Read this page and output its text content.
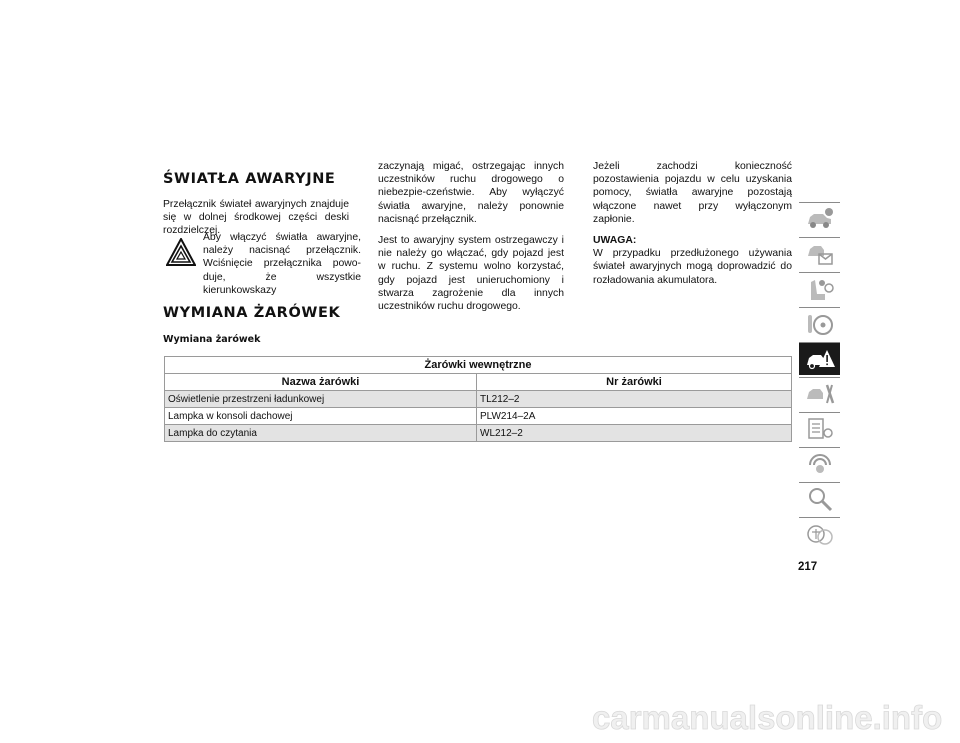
ŚWIATŁA AWARYJNE

Przełącznik świateł awaryjnych znajduje się w dolnej środkowej części deski rozdzielczej.

Aby włączyć światła awaryjne, należy nacisnąć przełącznik. Wciśnięcie przełącznika powo-duje, że wszystkie kierunkowskazy

zaczynają migać, ostrzegając innych uczestników ruchu drogowego o niebezpie-czeństwie. Aby wyłączyć światła awaryjne, należy ponownie nacisnąć przełącznik.

Jest to awaryjny system ostrzegawczy i nie należy go włączać, gdy pojazd jest w ruchu. Z systemu wolno korzystać, gdy pojazd jest unieruchomiony i stwarza zagrożenie dla innych uczestników ruchu drogowego.

Jeżeli zachodzi konieczność pozostawienia pojazdu w celu uzyskania pomocy, światła awaryjne pozostają włączone nawet przy wyłączonym zapłonie.

UWAGA:

W przypadku przedłużonego używania świateł awaryjnych mogą doprowadzić do rozładowania akumulatora.

WYMIANA ŻARÓWEK
Wymiana żarówek
Żarówki wewnętrzne	
Nazwa żarówki	Nr żarówki
Oświetlenie przestrzeni ładunkowej	TL212–2
Lampka w konsoli dachowej	PLW214–2A
Lampka do czytania	WL212–2
217
carmanualsonline.info
